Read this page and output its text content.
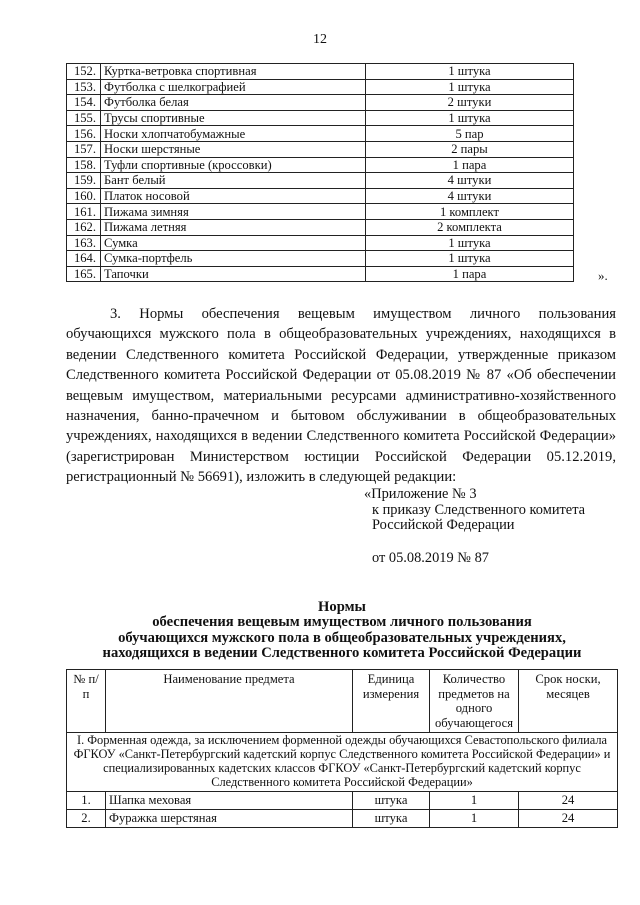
12
152.	Куртка-ветровка спортивная	1 штука
153.	Футболка с шелкографией	1 штука
154.	Футболка белая	2 штуки
155.	Трусы спортивные	1 штука
156.	Носки хлопчатобумажные	5 пар
157.	Носки шерстяные	2 пары
158.	Туфли спортивные (кроссовки)	1 пара
159.	Бант белый	4 штуки
160.	Платок носовой	4 штуки
161.	Пижама зимняя	1 комплект
162.	Пижама летняя	2 комплекта
163.	Сумка	1 штука
164.	Сумка-портфель	1 штука
165.	Тапочки	1 пара	».

3. Нормы обеспечения вещевым имуществом личного пользования обучающихся мужского пола в общеобразовательных учреждениях, находящихся в ведении Следственного комитета Российской Федерации, утвержденные приказом Следственного комитета Российской Федерации от 05.08.2019 № 87 «Об обеспечении вещевым имуществом, материальными ресурсами административно-хозяйственного назначения, банно-прачечном и бытовом обслуживании в общеобразовательных учреждениях, находящихся в ведении Следственного комитета Российской Федерации» (зарегистрирован Министерством юстиции Российской Федерации 05.12.2019, регистрационный № 56691), изложить в следующей редакции:

«Приложение № 3
к приказу Следственного комитета
Российской Федерации
от 05.08.2019 № 87
Нормы
обеспечения вещевым имуществом личного пользования
обучающихся мужского пола в общеобразовательных учреждениях,
находящихся в ведении Следственного комитета Российской Федерации
№ п/п	Наименование предмета	Единица измерения	Количество предметов на одного обучающегося	Срок носки, месяцев
I. Форменная одежда, за исключением форменной одежды обучающихся Севастопольского филиала ФГКОУ «Санкт-Петербургский кадетский корпус Следственного комитета Российской Федерации» и специализированных кадетских классов ФГКОУ «Санкт-Петербургский кадетский корпус Следственного комитета Российской Федерации»				
1.	Шапка меховая	штука	1	24
2.	Фуражка шерстяная	штука	1	24
